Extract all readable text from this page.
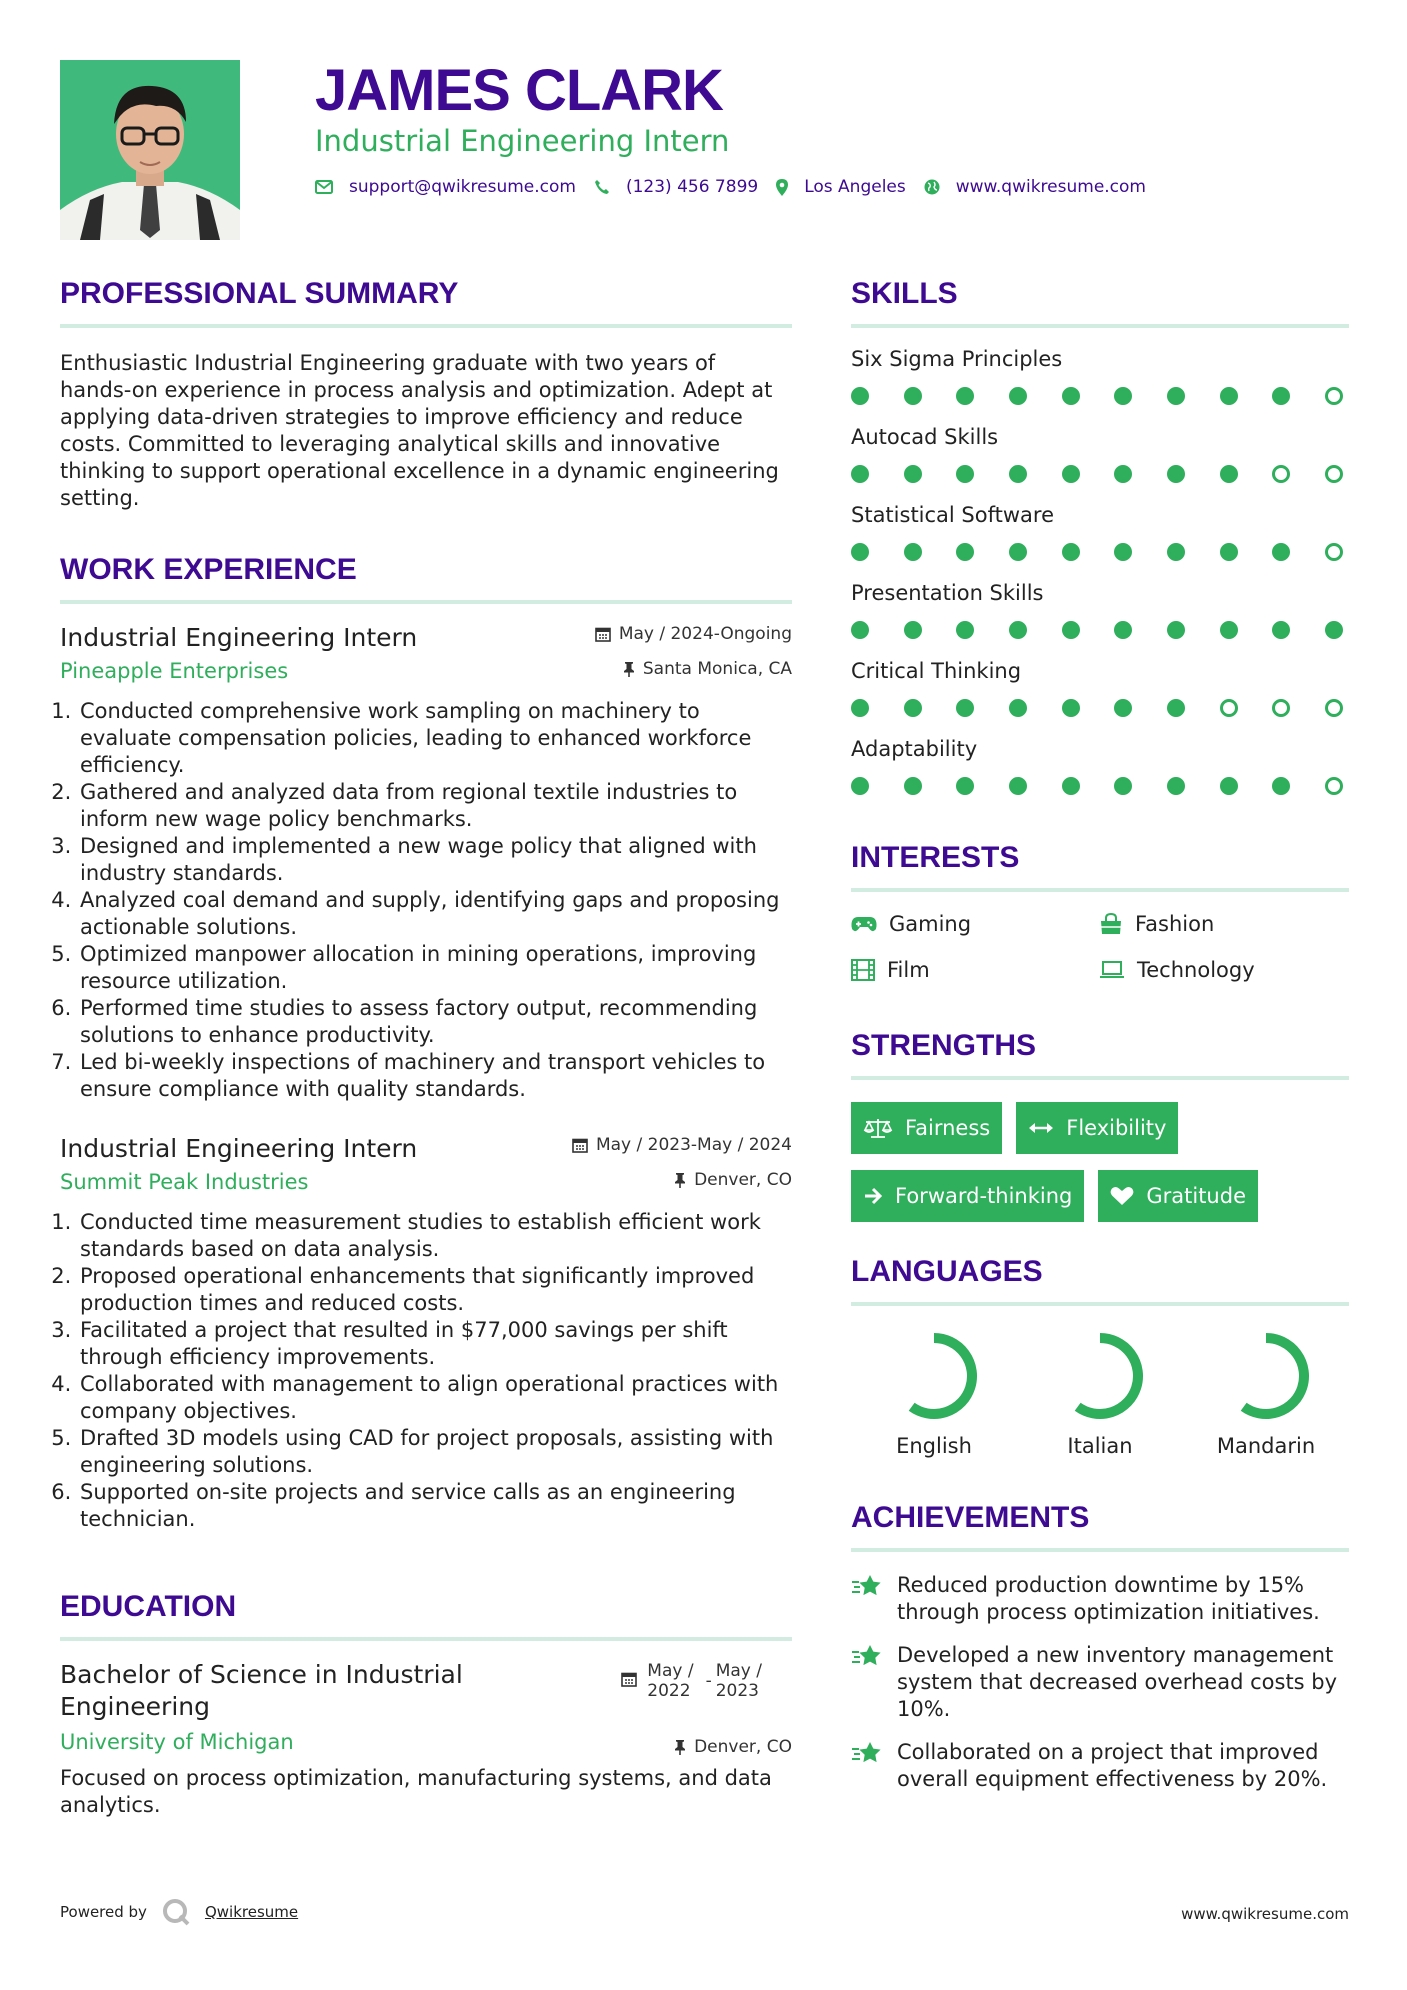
JAMES CLARK
Industrial Engineering Intern
support@qwikresume.com	(123) 456 7899	Los Angeles	www.qwikresume.com
PROFESSIONAL SUMMARY
Enthusiastic Industrial Engineering graduate with two years of hands-on experience in process analysis and optimization. Adept at applying data-driven strategies to improve efficiency and reduce costs. Committed to leveraging analytical skills and innovative thinking to support operational excellence in a dynamic engineering setting.
WORK EXPERIENCE
May / 2024-Ongoing
Santa Monica, CA
Industrial Engineering Intern
Pineapple Enterprises
1. Conducted comprehensive work sampling on machinery to evaluate compensation policies, leading to enhanced workforce efficiency.
2. Gathered and analyzed data from regional textile industries to inform new wage policy benchmarks.
3. Designed and implemented a new wage policy that aligned with industry standards.
4. Analyzed coal demand and supply, identifying gaps and proposing actionable solutions.
5. Optimized manpower allocation in mining operations, improving resource utilization.
6. Performed time studies to assess factory output, recommending solutions to enhance productivity.
7. Led bi-weekly inspections of machinery and transport vehicles to ensure compliance with quality standards.
May / 2023-May / 2024
Denver, CO
Industrial Engineering Intern
Summit Peak Industries
1. Conducted time measurement studies to establish efficient work standards based on data analysis.
2. Proposed operational enhancements that significantly improved production times and reduced costs.
3. Facilitated a project that resulted in $77,000 savings per shift through efficiency improvements.
4. Collaborated with management to align operational practices with company objectives.
5. Drafted 3D models using CAD for project proposals, assisting with engineering solutions.
6. Supported on-site projects and service calls as an engineering technician.
EDUCATION
May /
2022 - May /
2023
Denver, CO
Bachelor of Science in Industrial
Engineering
University of Michigan
Focused on process optimization, manufacturing systems, and data analytics.
SKILLS
Six Sigma Principles
Autocad Skills
Statistical Software
Presentation Skills
Critical Thinking
Adaptability
INTERESTS
Gaming	Fashion
Film	Technology
STRENGTHS
Fairness	Flexibility
Forward-thinking	Gratitude
LANGUAGES
English	Italian	Mandarin
ACHIEVEMENTS
Reduced production downtime by 15% through process optimization initiatives.
Developed a new inventory management system that decreased overhead costs by 10%.
Collaborated on a project that improved overall equipment effectiveness by 20%.
Powered by	Qwikresume	www.qwikresume.com
